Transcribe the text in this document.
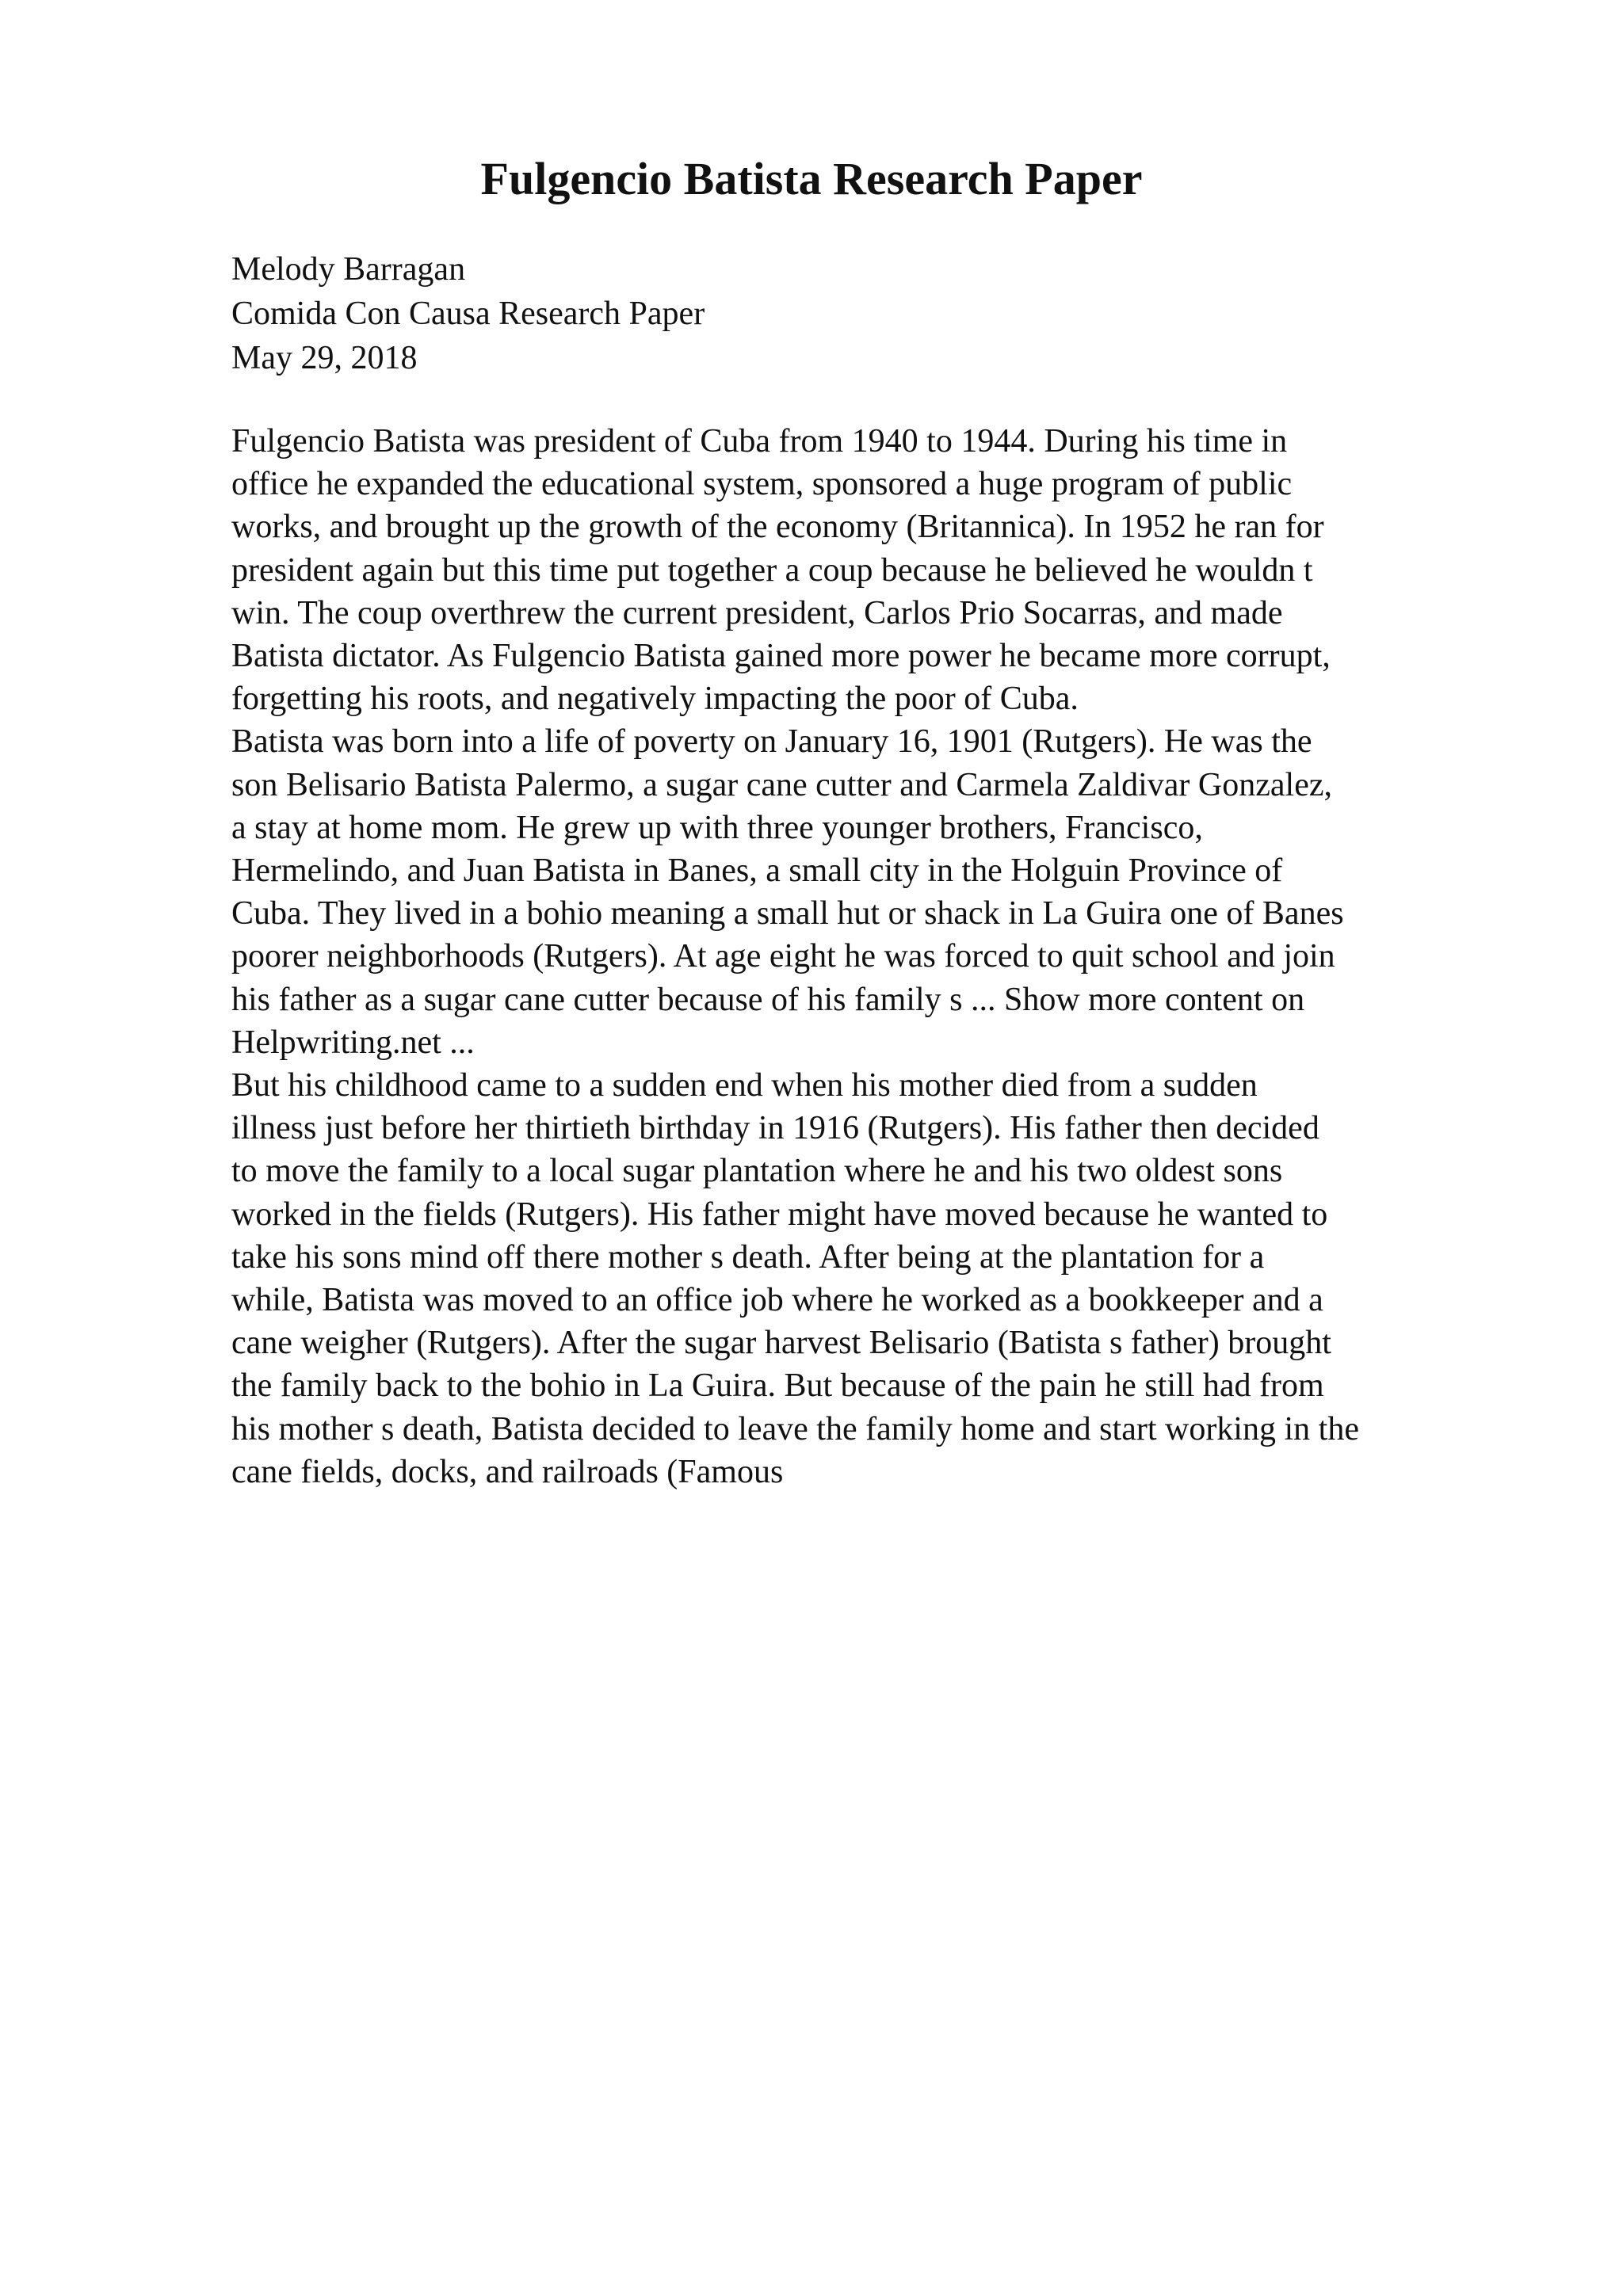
Fulgencio Batista Research Paper
Melody Barragan
Comida Con Causa Research Paper
May 29, 2018

Fulgencio Batista was president of Cuba from 1940 to 1944. During his time in
office he expanded the educational system, sponsored a huge program of public
works, and brought up the growth of the economy (Britannica). In 1952 he ran for
president again but this time put together a coup because he believed he wouldn t
win. The coup overthrew the current president, Carlos Prio Socarras, and made
Batista dictator. As Fulgencio Batista gained more power he became more corrupt,
forgetting his roots, and negatively impacting the poor of Cuba.

Batista was born into a life of poverty on January 16, 1901 (Rutgers). He was the
son Belisario Batista Palermo, a sugar cane cutter and Carmela Zaldivar Gonzalez,
a stay at home mom. He grew up with three younger brothers, Francisco,
Hermelindo, and Juan Batista in Banes, a small city in the Holguin Province of
Cuba. They lived in a bohio meaning a small hut or shack in La Guira one of Banes
poorer neighborhoods (Rutgers). At age eight he was forced to quit school and join
his father as a sugar cane cutter because of his family s ... Show more content on
Helpwriting.net ...

But his childhood came to a sudden end when his mother died from a sudden
illness just before her thirtieth birthday in 1916 (Rutgers). His father then decided
to move the family to a local sugar plantation where he and his two oldest sons
worked in the fields (Rutgers). His father might have moved because he wanted to
take his sons mind off there mother s death. After being at the plantation for a
while, Batista was moved to an office job where he worked as a bookkeeper and a
cane weigher (Rutgers). After the sugar harvest Belisario (Batista s father) brought
the family back to the bohio in La Guira. But because of the pain he still had from
his mother s death, Batista decided to leave the family home and start working in the
cane fields, docks, and railroads (Famous
